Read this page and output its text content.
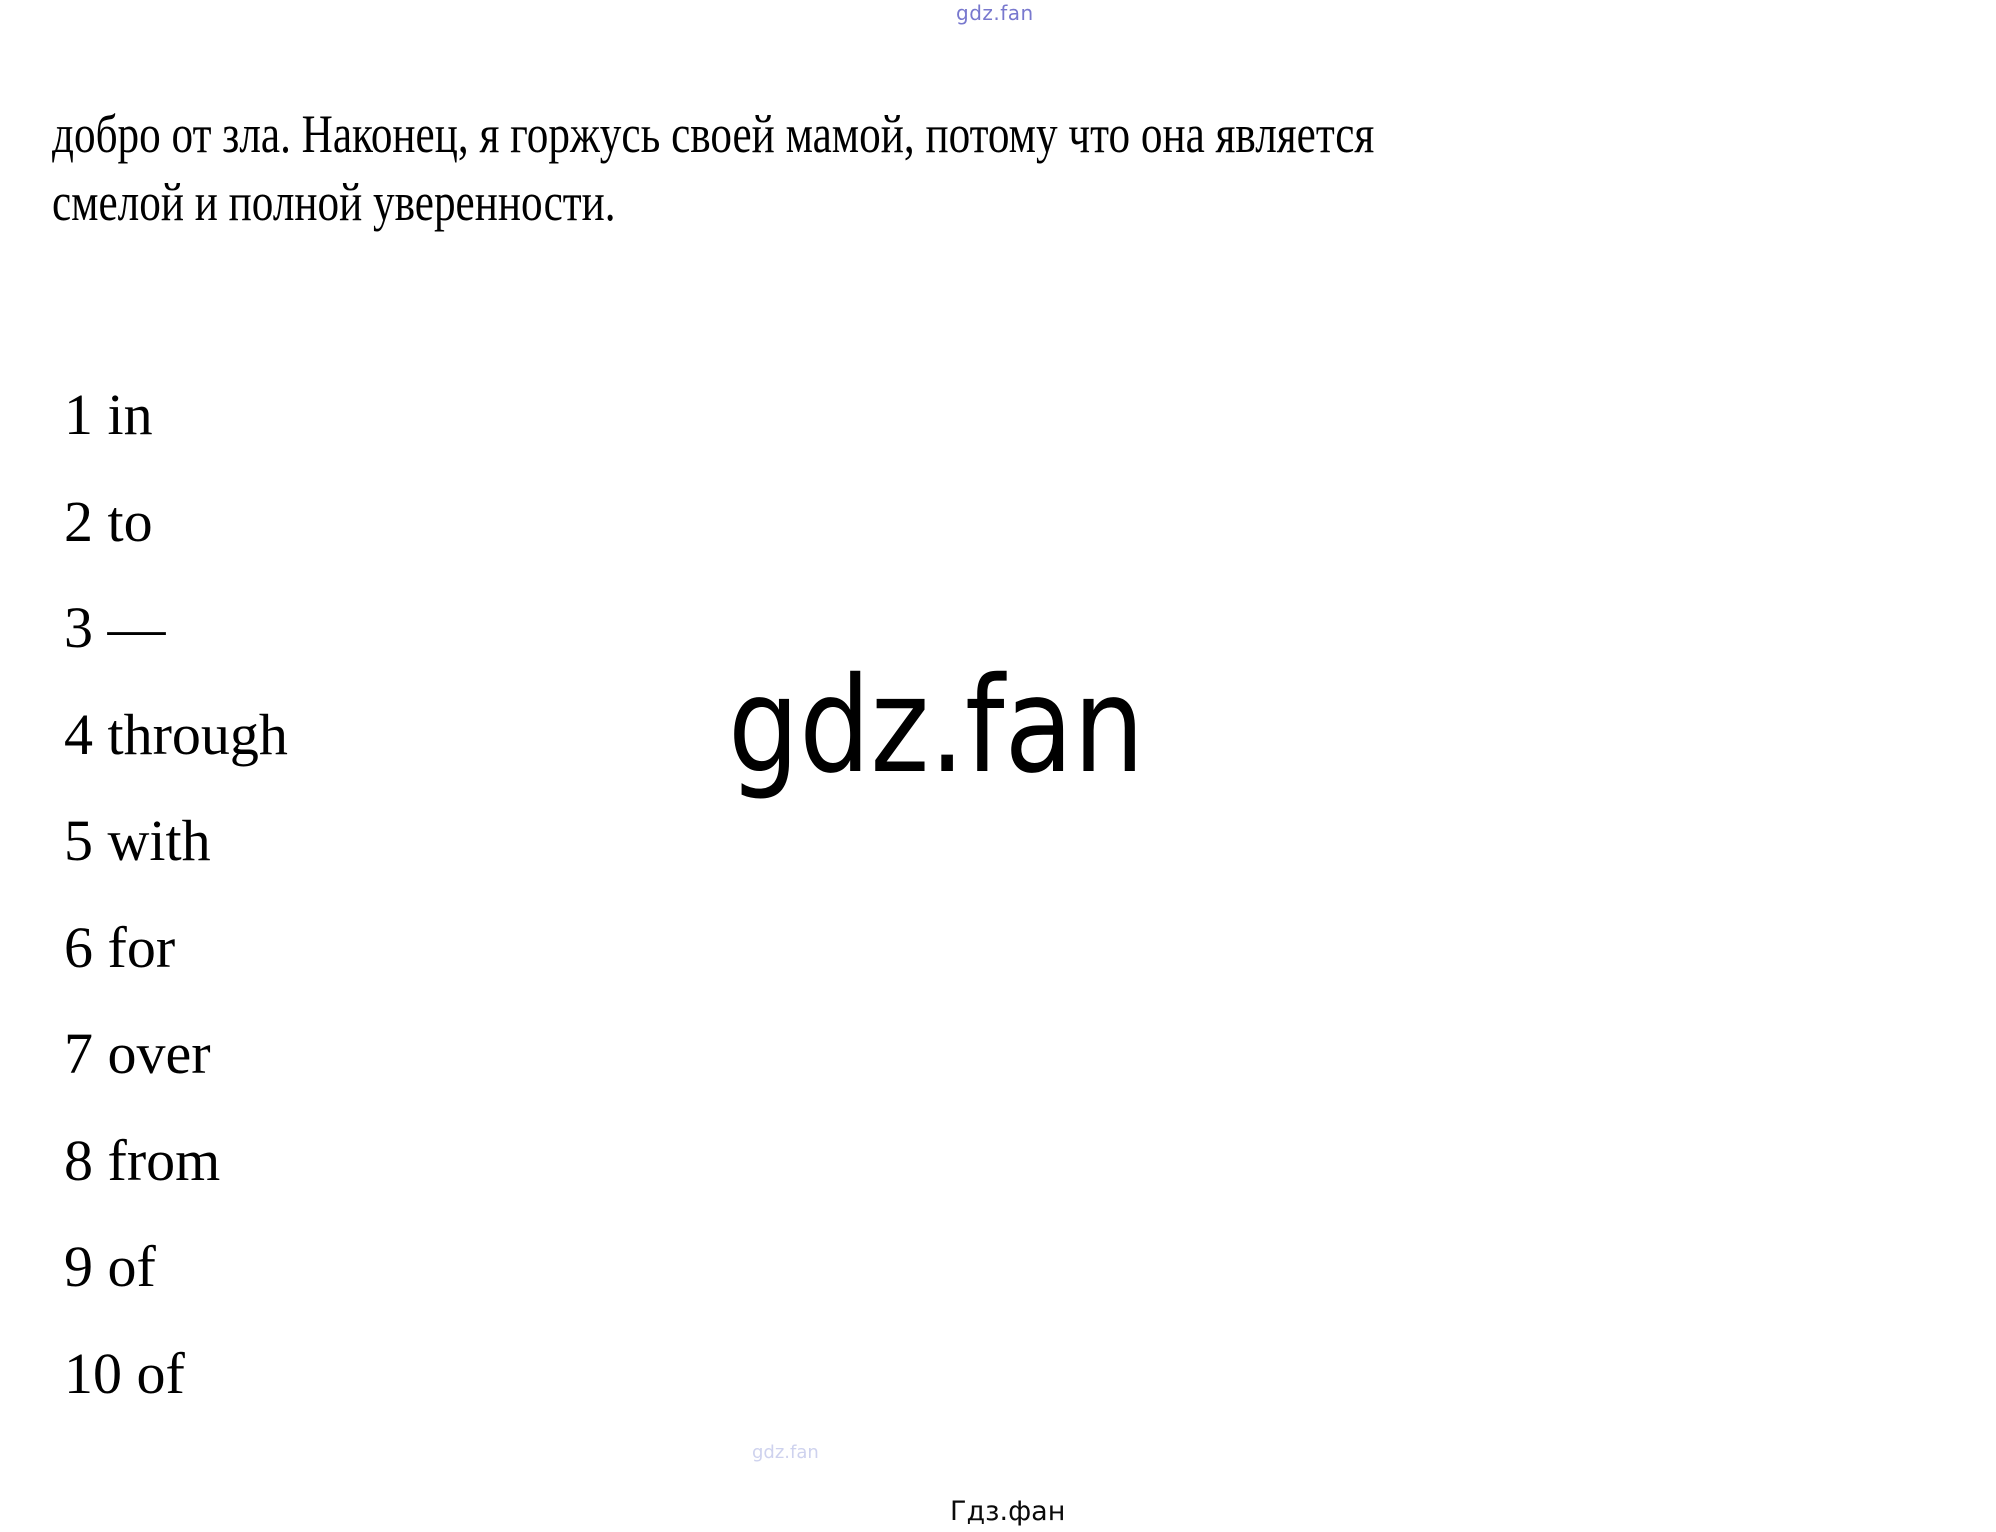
gdz.fan
добро от зла. Наконец, я горжусь своей мамой, потому что она является
смелой и полной уверенности.
1 in
2 to
3 —
4 through
5 with
6 for
7 over
8 from
9 of
10 of
gdz.fan
gdz.fan
Гдз.фан
